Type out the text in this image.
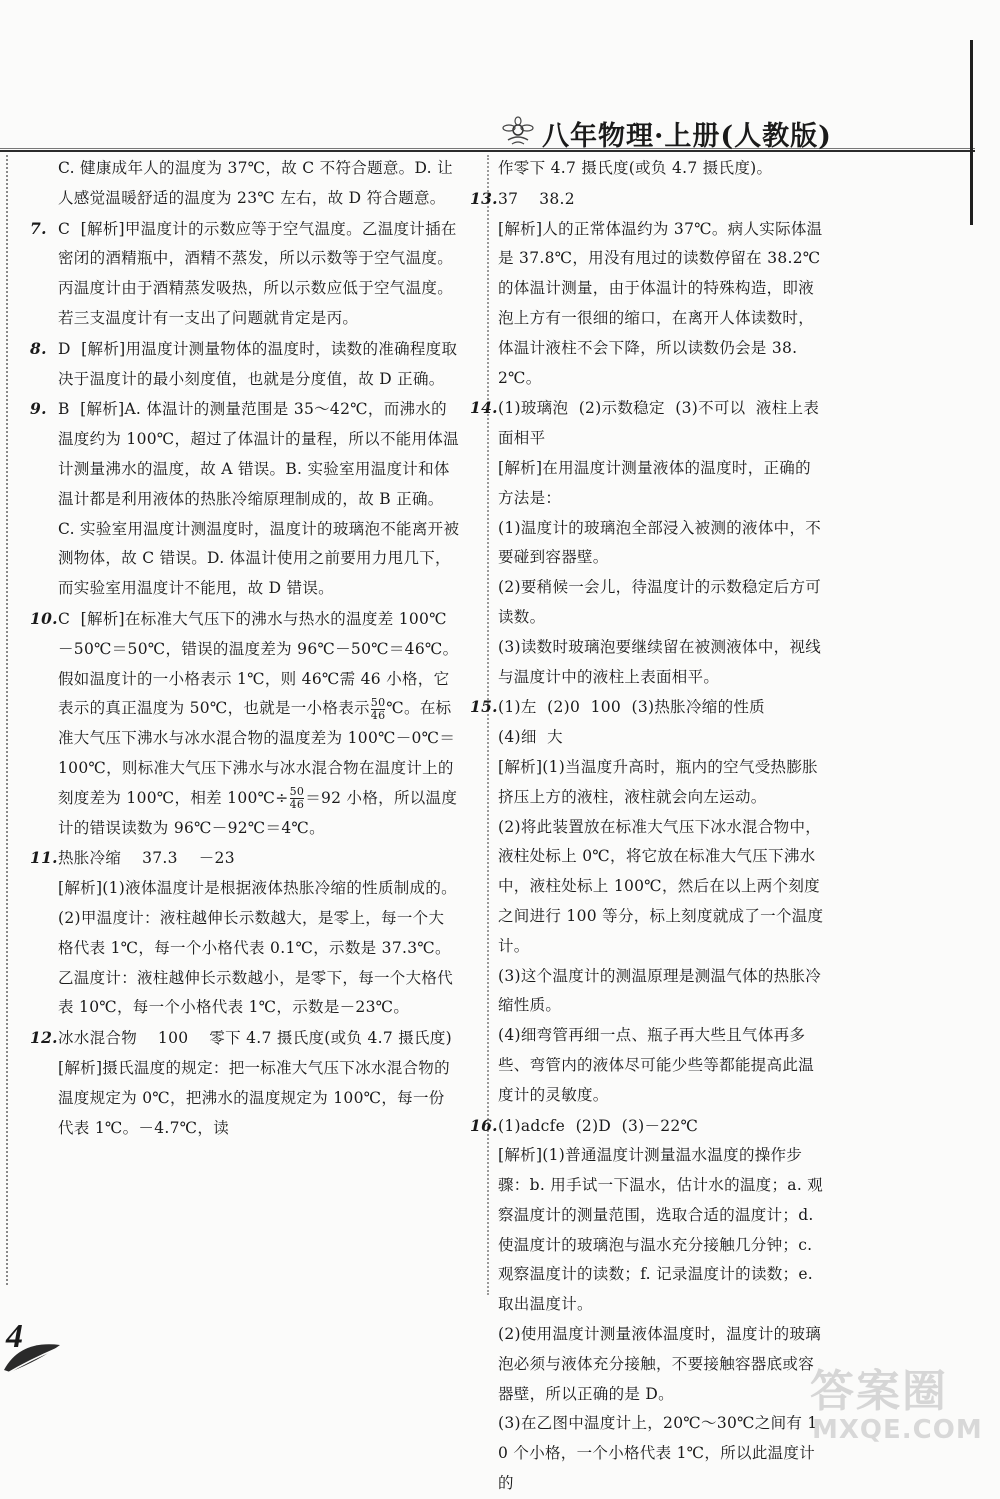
八年物理·上册(人教版)

C. 健康成年人的温度为 37℃，故 C 不符合题意。D. 让人感觉温暖舒适的温度为 23℃ 左右，故 D 符合题意。

7. C  [解析]甲温度计的示数应等于空气温度。乙温度计插在密闭的酒精瓶中，酒精不蒸发，所以示数等于空气温度。丙温度计由于酒精蒸发吸热，所以示数应低于空气温度。若三支温度计有一支出了问题就肯定是丙。

8. D  [解析]用温度计测量物体的温度时，读数的准确程度取决于温度计的最小刻度值，也就是分度值，故 D 正确。

9. B  [解析]A. 体温计的测量范围是 35～42℃，而沸水的温度约为 100℃，超过了体温计的量程，所以不能用体温计测量沸水的温度，故 A 错误。B. 实验室用温度计和体温计都是利用液体的热胀冷缩原理制成的，故 B 正确。C. 实验室用温度计测温度时，温度计的玻璃泡不能离开被测物体，故 C 错误。D. 体温计使用之前要用力甩几下，而实验室用温度计不能甩，故 D 错误。

10.C  [解析]在标准大气压下的沸水与热水的温度差 100℃－50℃＝50℃，错误的温度差为 96℃－50℃＝46℃。假如温度计的一小格表示 1℃，则 46℃需 46 小格，它表示的真正温度为 50℃，也就是一小格表示 $\frac{50}{46}$ ℃。在标准大气压下沸水与冰水混合物的温度差为 100℃－0℃＝100℃，则标准大气压下沸水与冰水混合物在温度计上的刻度差为 100℃，相差 100℃÷ $\frac{50}{46} =92$ 小格，所以温度计的错误读数为 96℃－92℃＝4℃。

11.热胀冷缩    37.3    －23

[解析](1)液体温度计是根据液体热胀冷缩的性质制成的。

(2)甲温度计：液柱越伸长示数越大，是零上，每一个大格代表 1℃，每一个小格代表 0.1℃，示数是 37.3℃。乙温度计：液柱越伸长示数越小，是零下，每一个大格代表 10℃，每一个小格代表 1℃，示数是－23℃。

12.冰水混合物    100    零下 4.7 摄氏度(或负 4.7 摄氏度)

[解析]摄氏温度的规定：把一标准大气压下冰水混合物的温度规定为 0℃，把沸水的温度规定为 100℃，每一份代表 1℃。－4.7℃，读

作零下 4.7 摄氏度(或负 4.7 摄氏度)。

13.37    38.2

[解析]人的正常体温约为 37℃。病人实际体温是 37.8℃，用没有甩过的读数停留在 38.2℃的体温计测量，由于体温计的特殊构造，即液泡上方有一很细的缩口，在离开人体读数时，体温计液柱不会下降，所以读数仍会是 38.2℃。

14.(1)玻璃泡  (2)示数稳定  (3)不可以  液柱上表面相平

[解析]在用温度计测量液体的温度时，正确的方法是：

(1)温度计的玻璃泡全部浸入被测的液体中，不要碰到容器壁。

(2)要稍候一会儿，待温度计的示数稳定后方可读数。

(3)读数时玻璃泡要继续留在被测液体中，视线与温度计中的液柱上表面相平。

15.(1)左  (2)0  100  (3)热胀冷缩的性质

(4)细  大

[解析](1)当温度升高时，瓶内的空气受热膨胀挤压上方的液柱，液柱就会向左运动。

(2)将此装置放在标准大气压下冰水混合物中，液柱处标上 0℃，将它放在标准大气压下沸水中，液柱处标上 100℃，然后在以上两个刻度之间进行 100 等分，标上刻度就成了一个温度计。

(3)这个温度计的测温原理是测温气体的热胀冷缩性质。

(4)细弯管再细一点、瓶子再大些且气体再多些、弯管内的液体尽可能少些等都能提高此温度计的灵敏度。

16.(1)adcfe  (2)D  (3)－22℃

[解析](1)普通温度计测量温水温度的操作步骤：b. 用手试一下温水，估计水的温度；a. 观察温度计的测量范围，选取合适的温度计；d. 使温度计的玻璃泡与温水充分接触几分钟；c. 观察温度计的读数；f. 记录温度计的读数；e. 取出温度计。

(2)使用温度计测量液体温度时，温度计的玻璃泡必须与液体充分接触，不要接触容器底或容器壁，所以正确的是 D。

(3)在乙图中温度计上，20℃～30℃之间有 10 个小格，一个小格代表 1℃，所以此温度计的

4
答案圈
MXQE.COM
